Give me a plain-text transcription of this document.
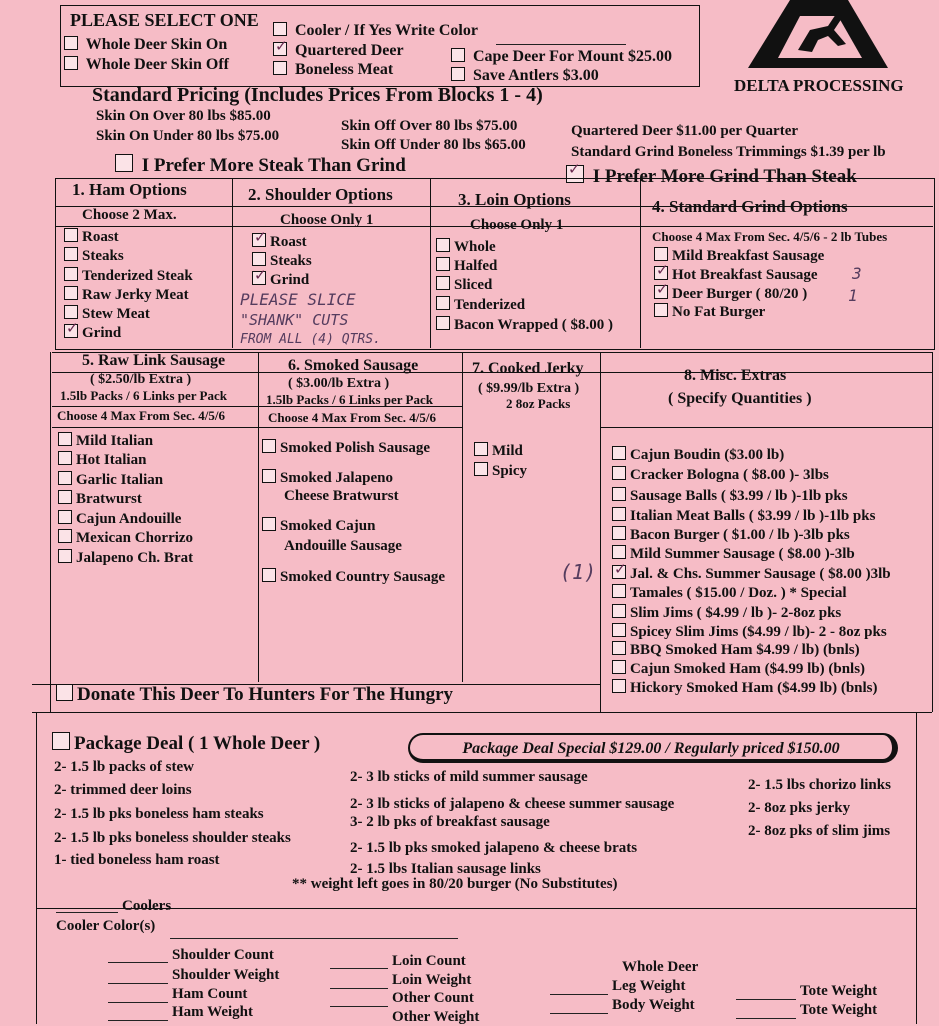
PLEASE SELECT ONE
Whole Deer Skin On
Whole Deer Skin Off
Cooler / If Yes Write Color
✓ Quartered Deer
Boneless Meat
Cape Deer For Mount $25.00
Save Antlers $3.00
DELTA PROCESSING
Standard Pricing (Includes Prices From Blocks 1 - 4)
Skin On Over 80 lbs $85.00
Skin On Under 80 lbs $75.00
Skin Off Over 80 lbs $75.00
Skin Off Under 80 lbs $65.00
Quartered Deer $11.00 per Quarter
Standard Grind Boneless Trimmings $1.39 per lb
I Prefer More Steak Than Grind
✓ I Prefer More Grind Than Steak
1. Ham Options
Choose 2 Max.
2. Shoulder Options
Choose Only 1
3. Loin Options
Choose Only 1
4. Standard Grind Options
Choose 4 Max From Sec. 4/5/6 - 2 lb Tubes
Roast
Steaks
Tenderized Steak
Raw Jerky Meat
Stew Meat
✓Grind
✓Roast
Steaks
✓Grind
PLEASE SLICE
"SHANK" CUTS
FROM ALL (4) QTRS.
Whole
Halfed
Sliced
Tenderized
Bacon Wrapped ( $8.00 )
Mild Breakfast Sausage
✓Hot Breakfast Sausage 3
✓Deer Burger ( 80/20 )	1
No Fat Burger
5. Raw Link Sausage
( $2.50/lb Extra )
1.5lb Packs / 6 Links per Pack
Choose 4 Max From Sec. 4/5/6
6. Smoked Sausage
( $3.00/lb Extra )
1.5lb Packs / 6 Links per Pack
Choose 4 Max From Sec. 4/5/6
7. Cooked Jerky
( $9.99/lb Extra )
2 8oz Packs
8. Misc. Extras
( Specify Quantities )
Mild Italian
Hot Italian
Garlic Italian
Bratwurst
Cajun Andouille
Mexican Chorrizo
Jalapeno Ch. Brat
Smoked Polish Sausage
Smoked Jalapeno
Cheese Bratwurst
Smoked Cajun
Andouille Sausage
Smoked Country Sausage
Mild
Spicy
Cajun Boudin ($3.00 lb)
Cracker Bologna ( $8.00 )- 3lbs
Sausage Balls ( $3.99 / lb )-1lb pks
Italian Meat Balls ( $3.99 / lb )-1lb pks
Bacon Burger ( $1.00 / lb )-3lb pks
Mild Summer Sausage ( $8.00 )-3lb
(1)
✓	Jal. & Chs. Summer Sausage ( $8.00 )3lb
Tamales ( $15.00 / Doz. ) * Special
Slim Jims ( $4.99 / lb )- 2-8oz pks
Spicey Slim Jims ($4.99 / lb)- 2 - 8oz pks
BBQ Smoked Ham $4.99 / lb) (bnls)
Cajun Smoked Ham ($4.99 lb) (bnls)
Hickory Smoked Ham ($4.99 lb) (bnls)
Donate This Deer To Hunters For The Hungry
Package Deal ( 1 Whole Deer )	Package Deal Special $129.00 / Regularly priced $150.00
2- 1.5 lb packs of stew
2- trimmed deer loins
2- 1.5 lb pks boneless ham steaks
2- 1.5 lb pks boneless shoulder steaks
1- tied boneless ham roast
2- 3 lb sticks of mild summer sausage
2- 3 lb sticks of jalapeno & cheese summer sausage
3- 2 lb pks of breakfast sausage
2- 1.5 lb pks smoked jalapeno & cheese brats
2- 1.5 lbs Italian sausage links
2- 1.5 lbs chorizo links
2- 8oz pks jerky
2- 8oz pks of slim jims
** weight left goes in 80/20 burger (No Substitutes)
Coolers
Cooler Color(s)
Shoulder Count
Shoulder Weight
Ham Count
Ham Weight
Loin Count
Loin Weight
Other Count
Other Weight
Whole Deer
Leg Weight
Body Weight
Tote Weight
Tote Weight
